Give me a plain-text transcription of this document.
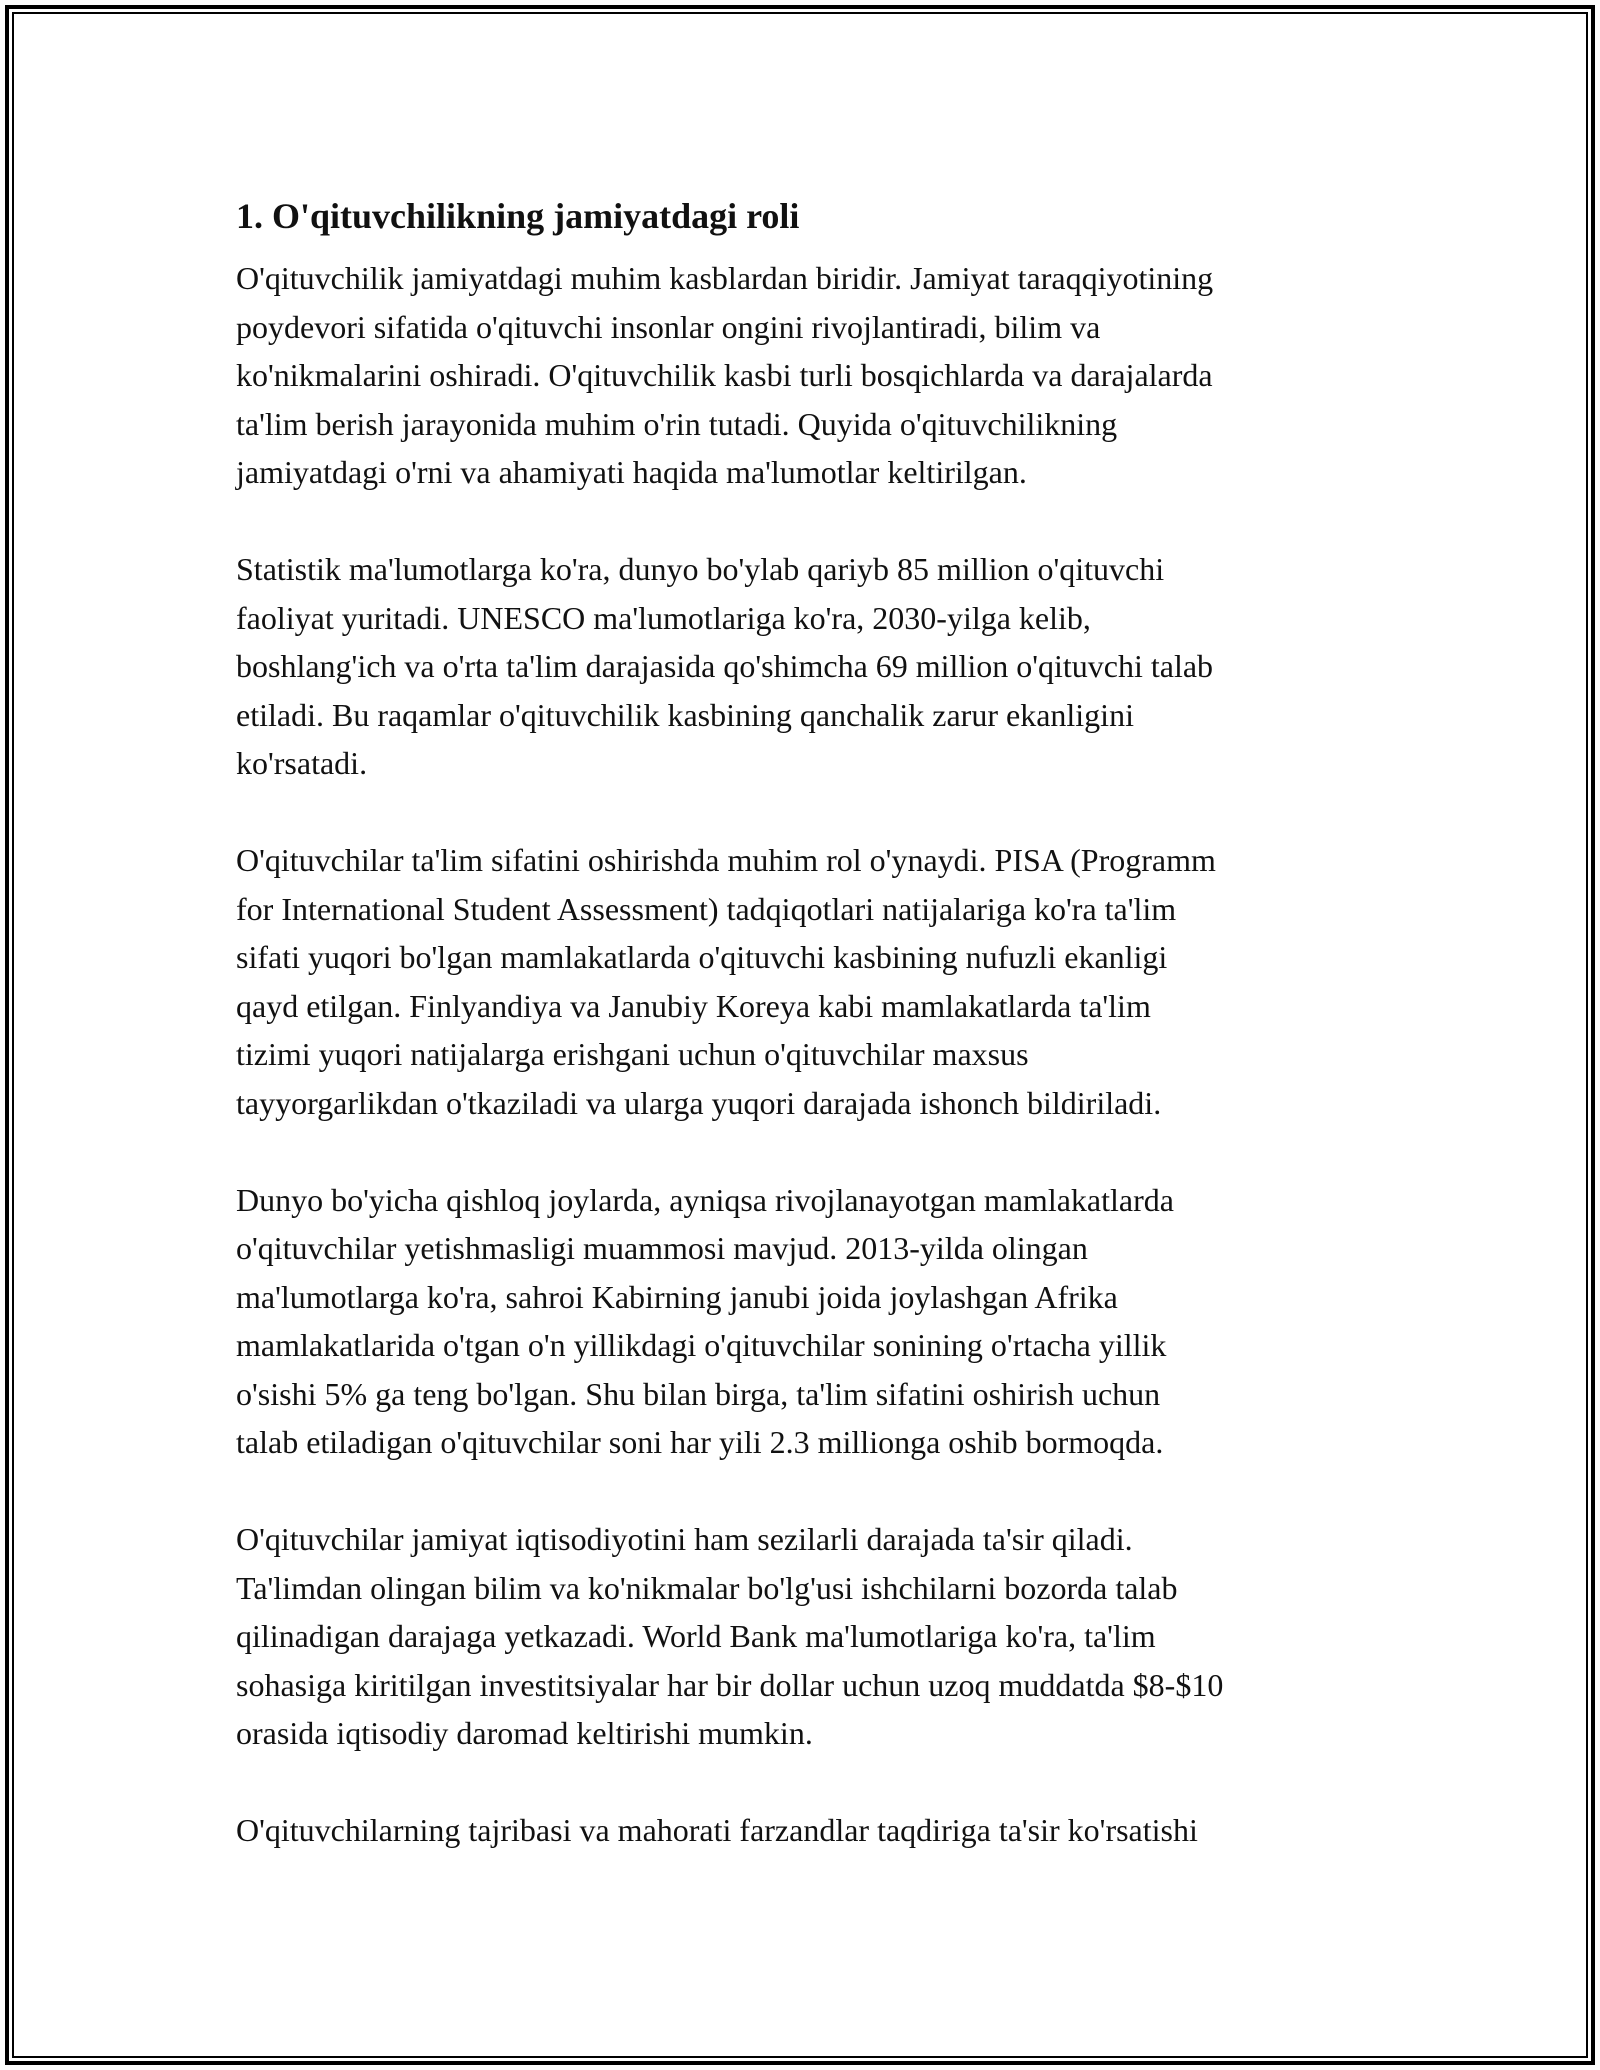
1. O'qituvchilikning jamiyatdagi roli
O'qituvchilik jamiyatdagi muhim kasblardan biridir. Jamiyat taraqqiyotining
poydevori sifatida o'qituvchi insonlar ongini rivojlantiradi, bilim va
ko'nikmalarini oshiradi. O'qituvchilik kasbi turli bosqichlarda va darajalarda
ta'lim berish jarayonida muhim o'rin tutadi. Quyida o'qituvchilikning
jamiyatdagi o'rni va ahamiyati haqida ma'lumotlar keltirilgan.
Statistik ma'lumotlarga ko'ra, dunyo bo'ylab qariyb 85 million o'qituvchi
faoliyat yuritadi. UNESCO ma'lumotlariga ko'ra, 2030-yilga kelib,
boshlang'ich va o'rta ta'lim darajasida qo'shimcha 69 million o'qituvchi talab
etiladi. Bu raqamlar o'qituvchilik kasbining qanchalik zarur ekanligini
ko'rsatadi.
O'qituvchilar ta'lim sifatini oshirishda muhim rol o'ynaydi. PISA (Programm
for International Student Assessment) tadqiqotlari natijalariga ko'ra ta'lim
sifati yuqori bo'lgan mamlakatlarda o'qituvchi kasbining nufuzli ekanligi
qayd etilgan. Finlyandiya va Janubiy Koreya kabi mamlakatlarda ta'lim
tizimi yuqori natijalarga erishgani uchun o'qituvchilar maxsus
tayyorgarlikdan o'tkaziladi va ularga yuqori darajada ishonch bildiriladi.
Dunyo bo'yicha qishloq joylarda, ayniqsa rivojlanayotgan mamlakatlarda
o'qituvchilar yetishmasligi muammosi mavjud. 2013-yilda olingan
ma'lumotlarga ko'ra, sahroi Kabirning janubi joida joylashgan Afrika
mamlakatlarida o'tgan o'n yillikdagi o'qituvchilar sonining o'rtacha yillik
o'sishi 5% ga teng bo'lgan. Shu bilan birga, ta'lim sifatini oshirish uchun
talab etiladigan o'qituvchilar soni har yili 2.3 millionga oshib bormoqda.
O'qituvchilar jamiyat iqtisodiyotini ham sezilarli darajada ta'sir qiladi.
Ta'limdan olingan bilim va ko'nikmalar bo'lg'usi ishchilarni bozorda talab
qilinadigan darajaga yetkazadi. World Bank ma'lumotlariga ko'ra, ta'lim
sohasiga kiritilgan investitsiyalar har bir dollar uchun uzoq muddatda $8-$10
orasida iqtisodiy daromad keltirishi mumkin.
O'qituvchilarning tajribasi va mahorati farzandlar taqdiriga ta'sir ko'rsatishi
